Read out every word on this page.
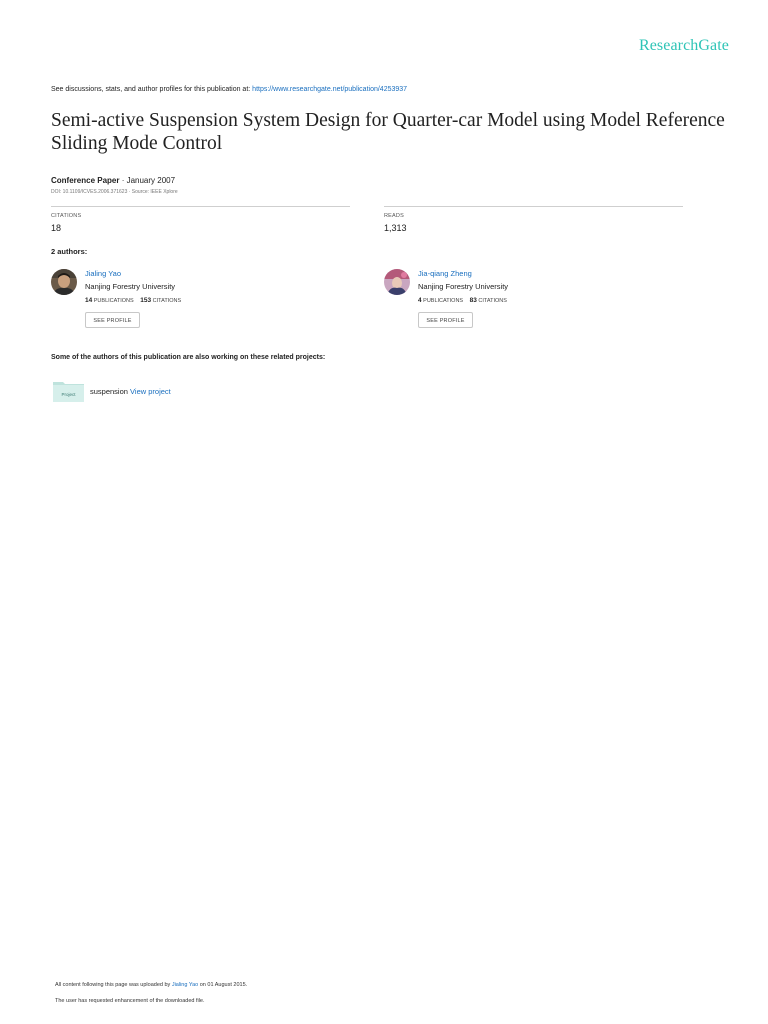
ResearchGate
See discussions, stats, and author profiles for this publication at: https://www.researchgate.net/publication/4253937
Semi-active Suspension System Design for Quarter-car Model using Model Reference Sliding Mode Control
Conference Paper · January 2007
DOI: 10.1109/ICVES.2006.371623 · Source: IEEE Xplore
CITATIONS
18
READS
1,313
2 authors:
Jialing Yao
Nanjing Forestry University
14 PUBLICATIONS 153 CITATIONS
SEE PROFILE
Jia-qiang Zheng
Nanjing Forestry University
4 PUBLICATIONS 83 CITATIONS
SEE PROFILE
Some of the authors of this publication are also working on these related projects:
Project suspension View project
All content following this page was uploaded by Jialing Yao on 01 August 2015.
The user has requested enhancement of the downloaded file.
